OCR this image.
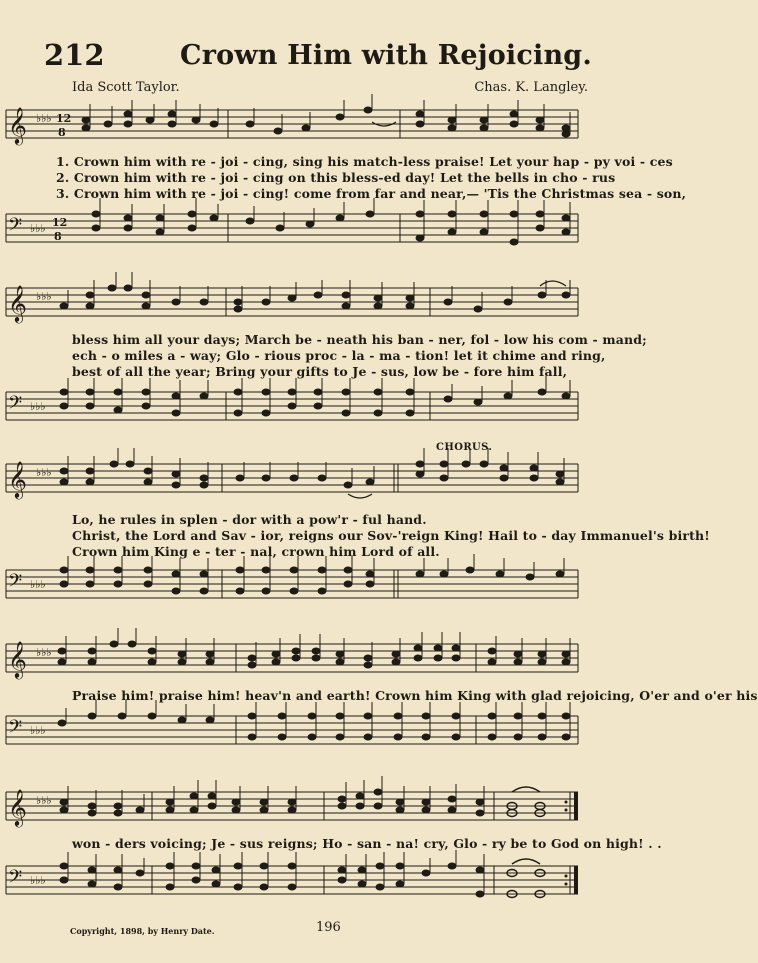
212	Crown Him with Rejoicing.
Ida Scott Taylor.	Chas. K. Langley.
𝄞 ♭♭♭ 12
8
1. Crown him with re - joi - cing, sing his match-less praise! Let your hap - py voi - ces
2. Crown him with re - joi - cing on this bless-ed day! Let the bells in cho - rus
3. Crown him with re - joi - cing! come from far and near,— 'Tis the Christmas sea - son,
𝄢 ♭♭♭ 12
8
𝄞 ♭♭♭
bless him all your days; March be - neath his ban - ner, fol - low his com - mand;
ech - o miles a - way; Glo - rious proc - la - ma - tion! let it chime and ring,
best of all the year; Bring your gifts to Je - sus, low be - fore him fall,
𝄢 ♭♭♭
CHORUS.
𝄞 ♭♭♭
Lo, he rules in splen - dor with a pow'r - ful hand.
Christ, the Lord and Sav - ior, reigns our Sov-'reign King! Hail to - day Immanuel's birth!
Crown him King e - ter - nal, crown him Lord of all.
𝄢 ♭♭♭
𝄞 ♭♭♭
Praise him! praise him! heav'n and earth! Crown him King with glad rejoicing, O'er and o'er his
𝄢 ♭♭♭
𝄞 ♭♭♭
won - ders voicing; Je - sus reigns; Ho - san - na! cry, Glo - ry be to God on high! . .
𝄢 ♭♭♭
Copyright, 1898, by Henry Date.	196
